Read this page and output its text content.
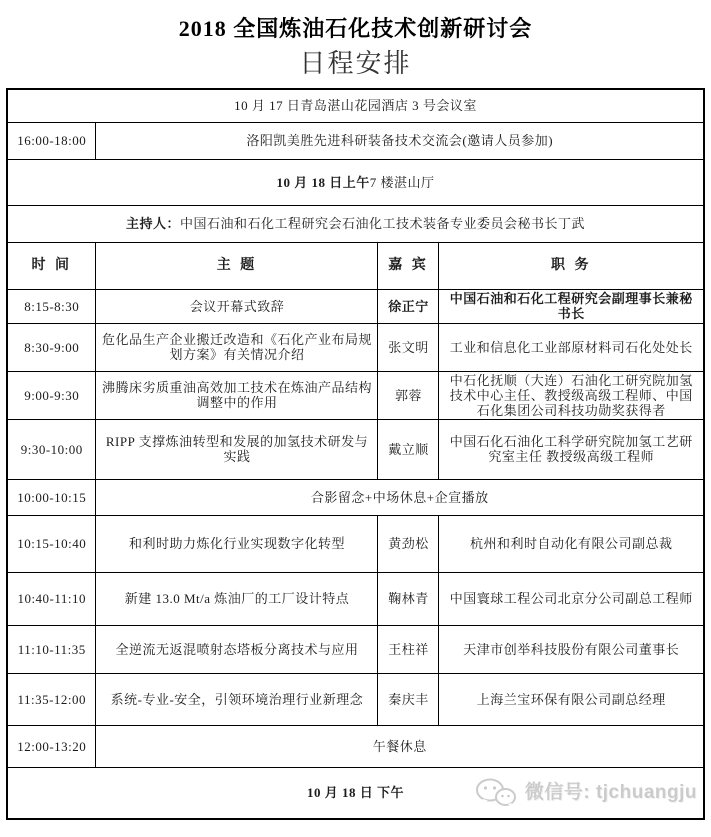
2018 全国炼油石化技术创新研讨会
日程安排
10 月 17 日青岛湛山花园酒店 3 号会议室			
16:00-18:00	洛阳凯美胜先进科研装备技术交流会(邀请人员参加)		
10 月 18 日上午7 楼湛山厅			
主持人：中国石油和石化工程研究会石油化工技术装备专业委员会秘书长丁武			
时 间	主 题	嘉 宾	职 务
8:15-8:30	会议开幕式致辞	徐正宁	中国石油和石化工程研究会副理事长兼秘书长
8:30-9:00	危化品生产企业搬迁改造和《石化产业布局规划方案》有关情况介绍	张文明	工业和信息化工业部原材料司石化处处长
9:00-9:30	沸腾床劣质重油高效加工技术在炼油产品结构调整中的作用	郭蓉	中石化抚顺（大连）石油化工研究院加氢技术中心主任、教授级高级工程师、中国石化集团公司科技功勋奖获得者
9:30-10:00	RIPP 支撑炼油转型和发展的加氢技术研发与实践	戴立顺	中国石化石油化工科学研究院加氢工艺研究室主任 教授级高级工程师
10:00-10:15	合影留念+中场休息+企宣播放		
10:15-10:40	和利时助力炼化行业实现数字化转型	黄劲松	杭州和利时自动化有限公司副总裁
10:40-11:10	新建 13.0 Mt/a 炼油厂的工厂设计特点	鞠林青	中国寰球工程公司北京分公司副总工程师
11:10-11:35	全逆流无返混喷射态塔板分离技术与应用	王柱祥	天津市创举科技股份有限公司董事长
11:35-12:00	系统-专业-安全，引领环境治理行业新理念	秦庆丰	上海兰宝环保有限公司副总经理
12:00-13:20	午餐休息		
10 月 18 日 下午 微信号: tjchuangju			
